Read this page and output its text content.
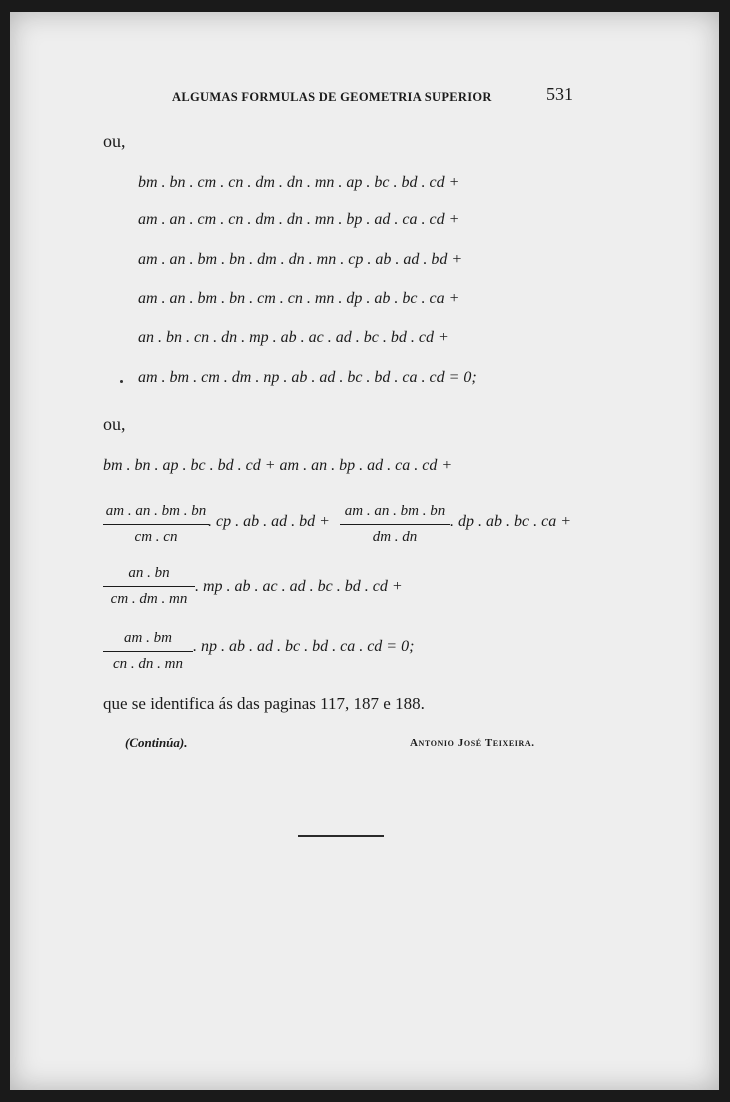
ALGUMAS FORMULAS DE GEOMETRIA SUPERIOR	531
ou,
bm . bn . cm . cn . dm . dn . mn . ap . bc . bd . cd +
am . an . cm . cn . dm . dn . mn . bp . ad . ca . cd +
am . an . bm . bn . dm . dn . mn . cp . ab . ad . bd +
am . an . bm . bn . cm . cn . mn . dp . ab . bc . ca +
an . bn . cn . dn . mp . ab . ac . ad . bc . bd . cd +
am . bm . cm . dm . np . ab . ad . bc . bd . ca . cd = 0;
ou,
bm . bn . ap . bc . bd . cd + am . an . bp . ad . ca . cd +
$\frac{am . an . bm . bn}{cm . cn}$ . cp . ab . ad . bd + $\frac{am . an . bm . bn}{dm . dn}$ . dp . ab . bc . ca +
$\frac{an . bn}{cm . dm . mn}$ . mp . ab . ac . ad . bc . bd . cd +
$\frac{am . bm}{cn . dn . mn}$ . np . ab . ad . bc . bd . ca . cd = 0;
que se identifica ás das paginas 117, 187 e 188.
(Continúa).	Antonio José Teixeira.
